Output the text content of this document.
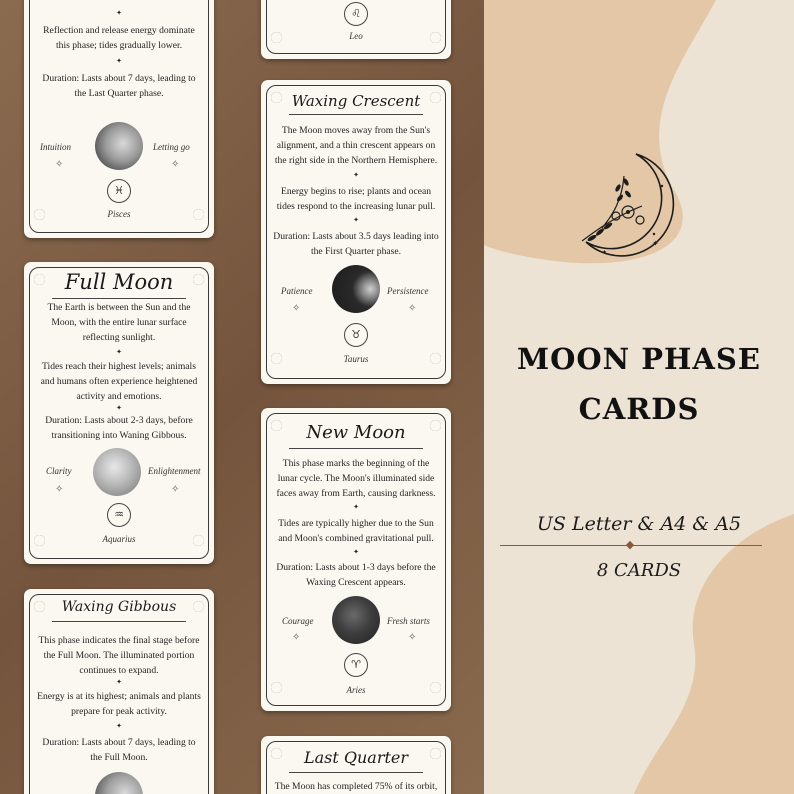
✦
Reflection and release energy dominate this phase; tides gradually lower.
✦
Duration: Lasts about 7 days, leading to the Last Quarter phase.
Intuition	Letting go
✧	✧
♓
Pisces
♌
Leo
Waxing Crescent
The Moon moves away from the Sun's alignment, and a thin crescent appears on the right side in the Northern Hemisphere.
✦
Energy begins to rise; plants and ocean tides respond to the increasing lunar pull.
✦
Duration: Lasts about 3.5 days leading into the First Quarter phase.
Patience	Persistence
✧	✧
♉
Taurus
Full Moon
The Earth is between the Sun and the Moon, with the entire lunar surface reflecting sunlight.
✦
Tides reach their highest levels; animals and humans often experience heightened activity and emotions.
✦
Duration: Lasts about 2-3 days, before transitioning into Waning Gibbous.
Clarity	Enlightenment
✧	✧
♒
Aquarius
New Moon
This phase marks the beginning of the lunar cycle. The Moon's illuminated side faces away from Earth, causing darkness.
✦
Tides are typically higher due to the Sun and Moon's combined gravitational pull.
✦
Duration: Lasts about 1-3 days before the Waxing Crescent appears.
Courage	Fresh starts
✧	✧
♈
Aries
Waxing Gibbous
This phase indicates the final stage before the Full Moon. The illuminated portion continues to expand.
✦
Energy is at its highest; animals and plants prepare for peak activity.
✦
Duration: Lasts about 7 days, leading to the Full Moon.	Last Quarter
The Moon has completed 75% of its orbit,
✦
✦
MOON PHASE
CARDS
US Letter & A4 & A5
◆
8 CARDS
